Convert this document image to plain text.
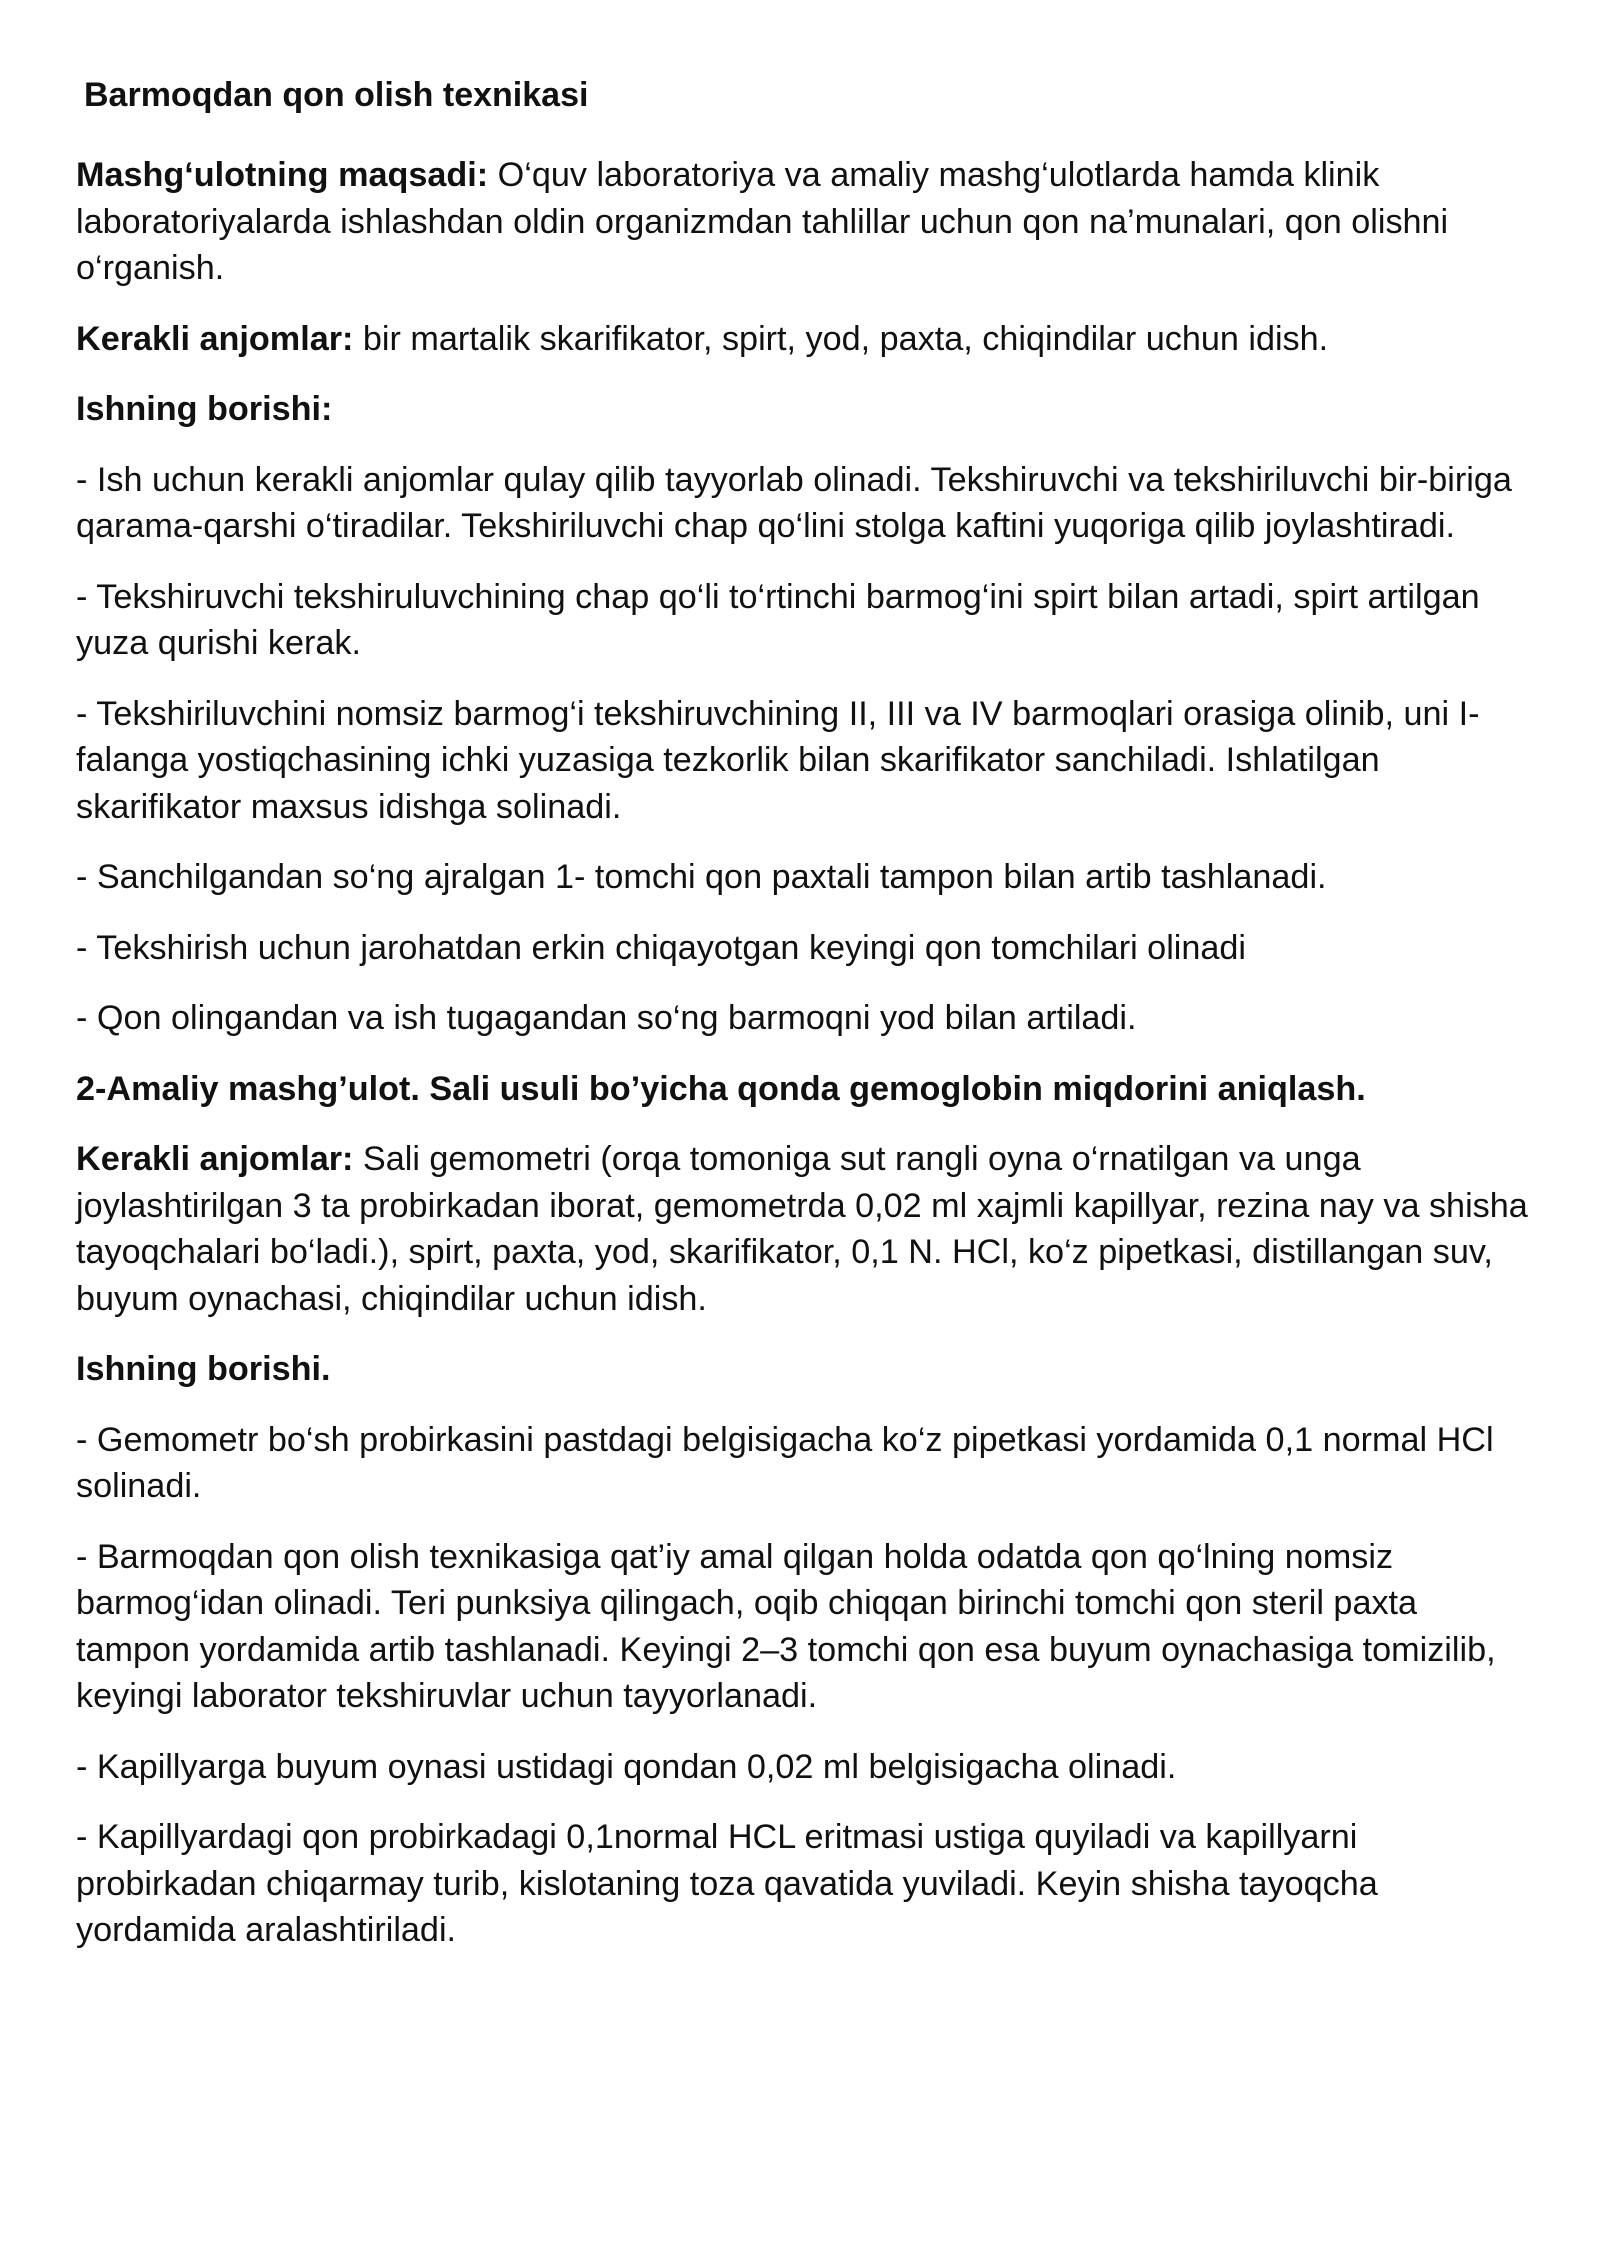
Barmoqdan qon olish texnikasi

Mashg‘ulotning maqsadi: O‘quv laboratoriya va amaliy mashg‘ulotlarda hamda klinik laboratoriyalarda ishlashdan oldin organizmdan tahlillar uchun qon na’munalari, qon olishni o‘rganish.

Kerakli anjomlar: bir martalik skarifikator, spirt, yod, paxta, chiqindilar uchun idish.

Ishning borishi:

- Ish uchun kerakli anjomlar qulay qilib tayyorlab olinadi. Tekshiruvchi va tekshiriluvchi bir-biriga qarama-qarshi o‘tiradilar. Tekshiriluvchi chap qo‘lini stolga kaftini yuqoriga qilib joylashtiradi.

- Tekshiruvchi tekshiruluvchining chap qo‘li to‘rtinchi barmog‘ini spirt bilan artadi, spirt artilgan yuza qurishi kerak.

- Tekshiriluvchini nomsiz barmog‘i tekshiruvchining II, III va IV barmoqlari orasiga olinib, uni I-falanga yostiqchasining ichki yuzasiga tezkorlik bilan skarifikator sanchiladi. Ishlatilgan skarifikator maxsus idishga solinadi.

- Sanchilgandan so‘ng ajralgan 1- tomchi qon paxtali tampon bilan artib tashlanadi.

- Tekshirish uchun jarohatdan erkin chiqayotgan keyingi qon tomchilari olinadi

- Qon olingandan va ish tugagandan so‘ng barmoqni yod bilan artiladi.

2-Amaliy mashg’ulot. Sali usuli bo’yicha qonda gemoglobin miqdorini aniqlash.

Kerakli anjomlar: Sali gemometri (orqa tomoniga sut rangli oyna o‘rnatilgan va unga joylashtirilgan 3 ta probirkadan iborat, gemometrda 0,02 ml xajmli kapillyar, rezina nay va shisha tayoqchalari bo‘ladi.), spirt, paxta, yod, skarifikator, 0,1 N. HCl, ko‘z pipetkasi, distillangan suv, buyum oynachasi, chiqindilar uchun idish.

Ishning borishi.

- Gemometr bo‘sh probirkasini pastdagi belgisigacha ko‘z pipetkasi yordamida 0,1 normal HCl solinadi.

- Barmoqdan qon olish texnikasiga qat’iy amal qilgan holda odatda qon qo‘lning nomsiz barmog‘idan olinadi. Teri punksiya qilingach, oqib chiqqan birinchi tomchi qon steril paxta tampon yordamida artib tashlanadi. Keyingi 2–3 tomchi qon esa buyum oynachasiga tomizilib, keyingi laborator tekshiruvlar uchun tayyorlanadi.

- Kapillyarga buyum oynasi ustidagi qondan 0,02 ml belgisigacha olinadi.

- Kapillyardagi qon probirkadagi 0,1normal HCL eritmasi ustiga quyiladi va kapillyarni probirkadan chiqarmay turib, kislotaning toza qavatida yuviladi. Keyin shisha tayoqcha yordamida aralashtiriladi.
